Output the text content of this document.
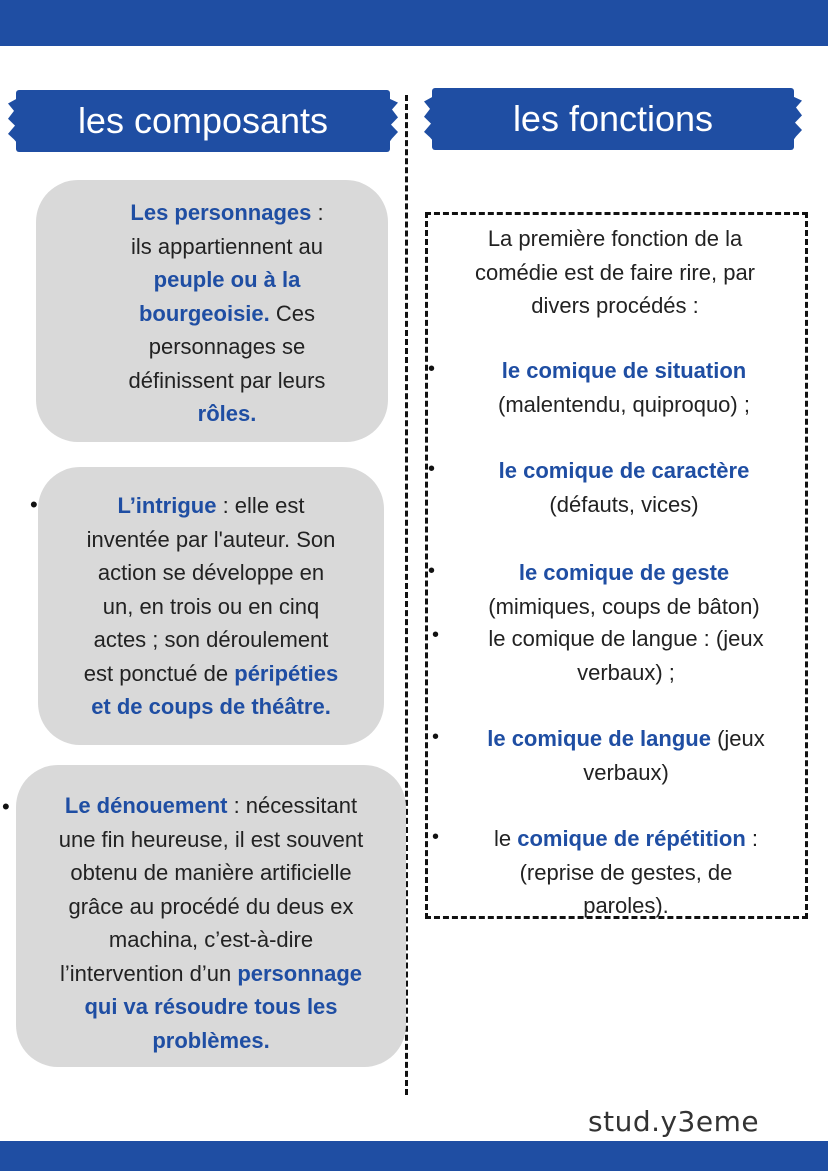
les composants	les fonctions
Les personnages :
ils appartiennent au
peuple ou à la
bourgeoisie. Ces
personnages se
définissent par leurs
rôles.
•	L’intrigue : elle est
inventée par l'auteur. Son
action se développe en
un, en trois ou en cinq
actes ; son déroulement
est ponctué de péripéties
et de coups de théâtre.
•	Le dénouement : nécessitant
une fin heureuse, il est souvent
obtenu de manière artificielle
grâce au procédé du deus ex
machina, c’est-à-dire
l’intervention d’un personnage
qui va résoudre tous les
problèmes.
La première fonction de la
comédie est de faire rire, par
divers procédés :
•	le comique de situation
(malentendu, quiproquo) ;
•	le comique de caractère
(défauts, vices)
•	le comique de geste
(mimiques, coups de bâton)
•	le comique de langue : (jeux
verbaux) ;
•	le comique de langue (jeux
verbaux)
•	le comique de répétition :
(reprise de gestes, de
paroles).
stud.y3eme
